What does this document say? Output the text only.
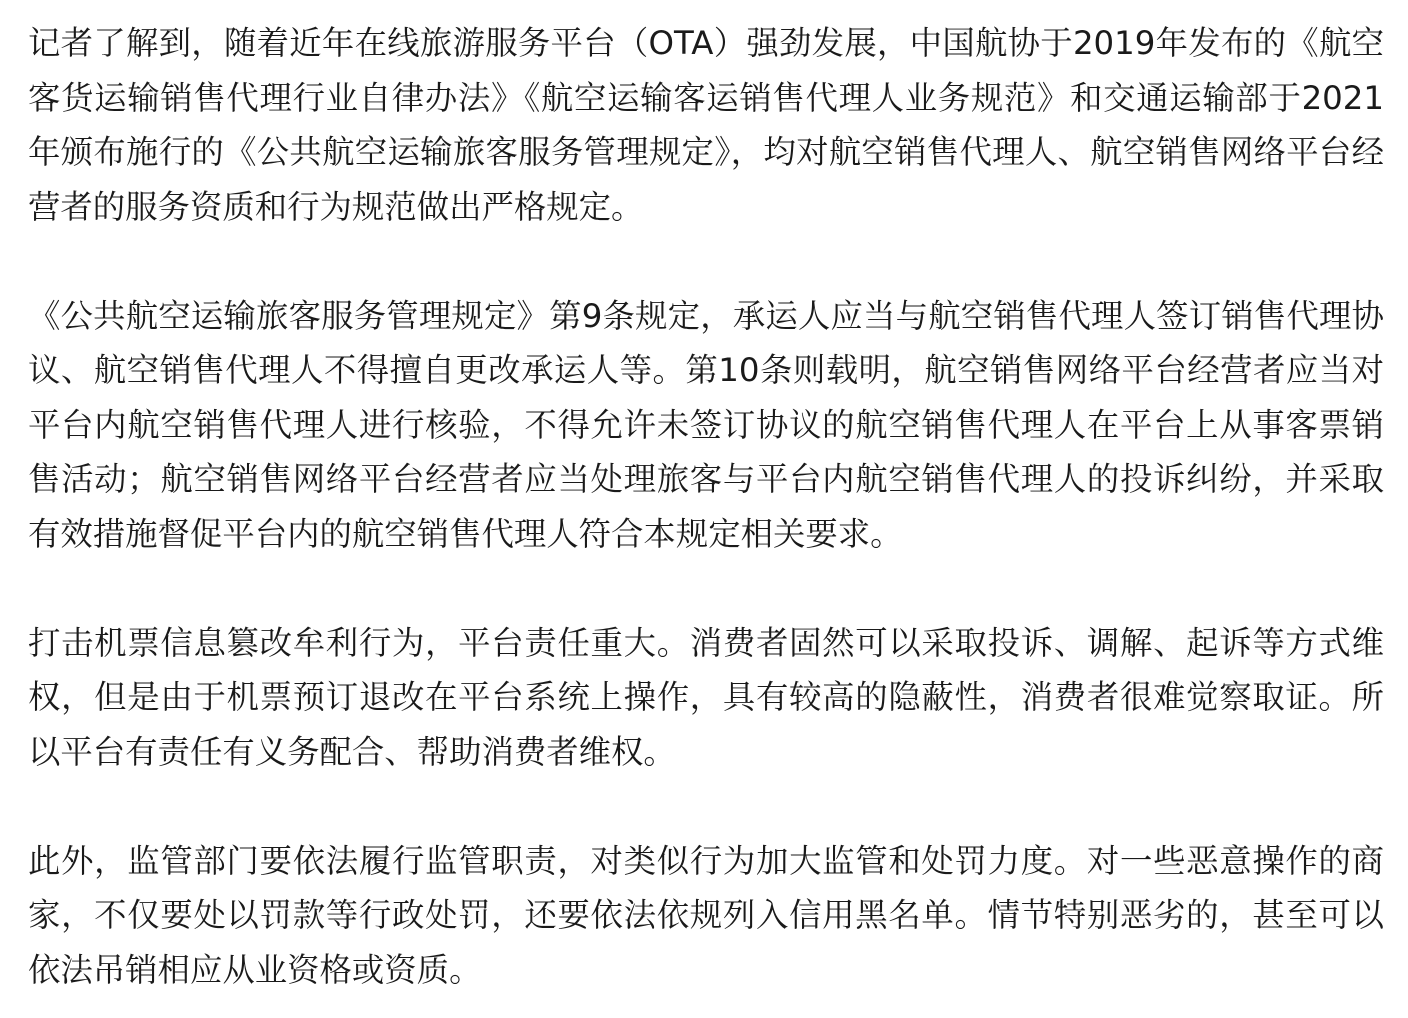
记者了解到，随着近年在线旅游服务平台（OTA）强劲发展，中国航协于2019年发布的《航空客货运输销售代理行业自律办法》《航空运输客运销售代理人业务规范》和交通运输部于2021年颁布施行的《公共航空运输旅客服务管理规定》，均对航空销售代理人、航空销售网络平台经营者的服务资质和行为规范做出严格规定。

《公共航空运输旅客服务管理规定》第9条规定，承运人应当与航空销售代理人签订销售代理协议、航空销售代理人不得擅自更改承运人等。第10条则载明，航空销售网络平台经营者应当对平台内航空销售代理人进行核验，不得允许未签订协议的航空销售代理人在平台上从事客票销售活动；航空销售网络平台经营者应当处理旅客与平台内航空销售代理人的投诉纠纷，并采取有效措施督促平台内的航空销售代理人符合本规定相关要求。

打击机票信息篡改牟利行为，平台责任重大。消费者固然可以采取投诉、调解、起诉等方式维权，但是由于机票预订退改在平台系统上操作，具有较高的隐蔽性，消费者很难觉察取证。所以平台有责任有义务配合、帮助消费者维权。

此外，监管部门要依法履行监管职责，对类似行为加大监管和处罚力度。对一些恶意操作的商家，不仅要处以罚款等行政处罚，还要依法依规列入信用黑名单。情节特别恶劣的，甚至可以依法吊销相应从业资格或资质。
